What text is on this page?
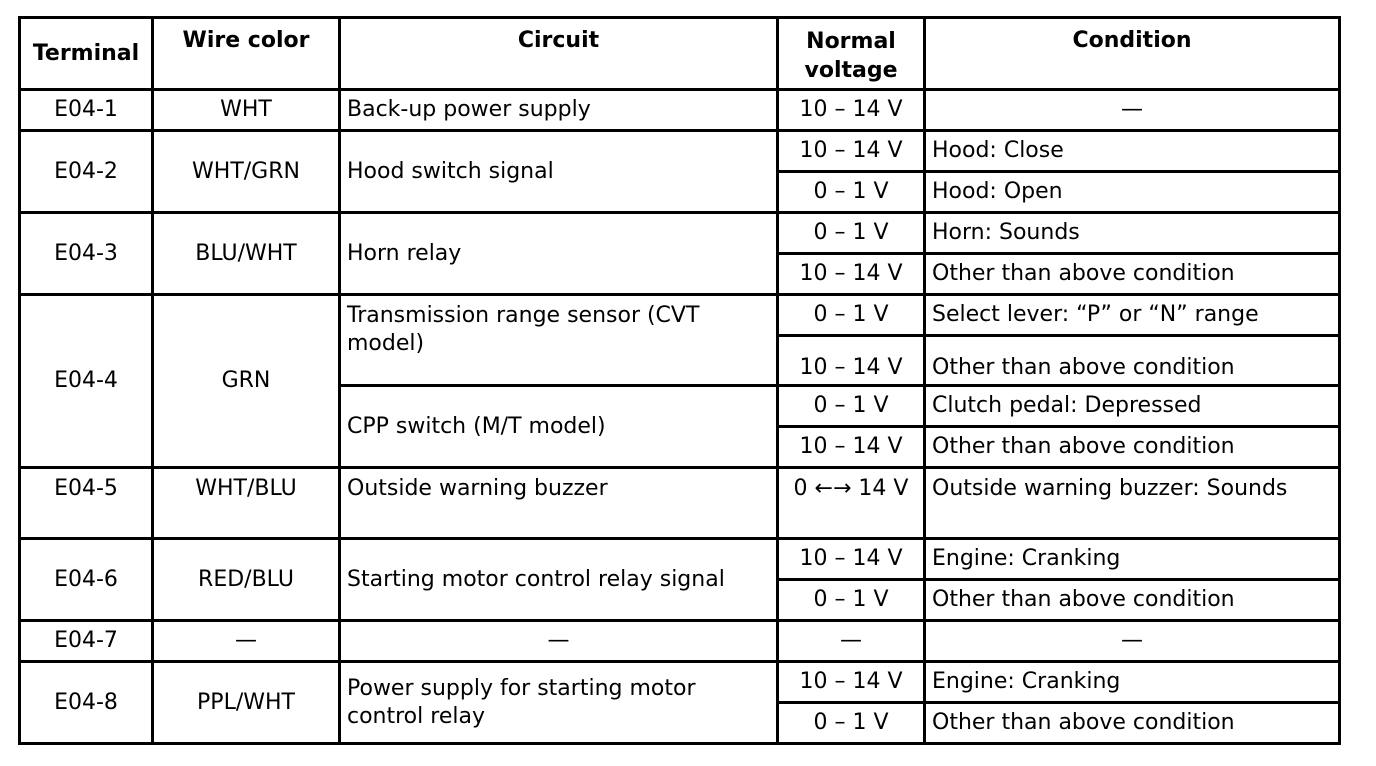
Terminal	Wire color	Circuit	Normal voltage	Condition
E04-1	WHT	Back-up power supply	10 – 14 V	—
E04-2	WHT/GRN	Hood switch signal	10 – 14 V	Hood: Close
			0 – 1 V	Hood: Open
E04-3	BLU/WHT	Horn relay	0 – 1 V	Horn: Sounds
			10 – 14 V	Other than above condition
E04-4	GRN	Transmission range sensor (CVT model)	0 – 1 V	Select lever: “P” or “N” range
			10 – 14 V	Other than above condition
		CPP switch (M/T model)	0 – 1 V	Clutch pedal: Depressed
			10 – 14 V	Other than above condition
E04-5	WHT/BLU	Outside warning buzzer	0 ←→ 14 V	Outside warning buzzer: Sounds
E04-6	RED/BLU	Starting motor control relay signal	10 – 14 V	Engine: Cranking
			0 – 1 V	Other than above condition
E04-7	—	—	—	—
E04-8	PPL/WHT	Power supply for starting motor control relay	10 – 14 V	Engine: Cranking
			0 – 1 V	Other than above condition
